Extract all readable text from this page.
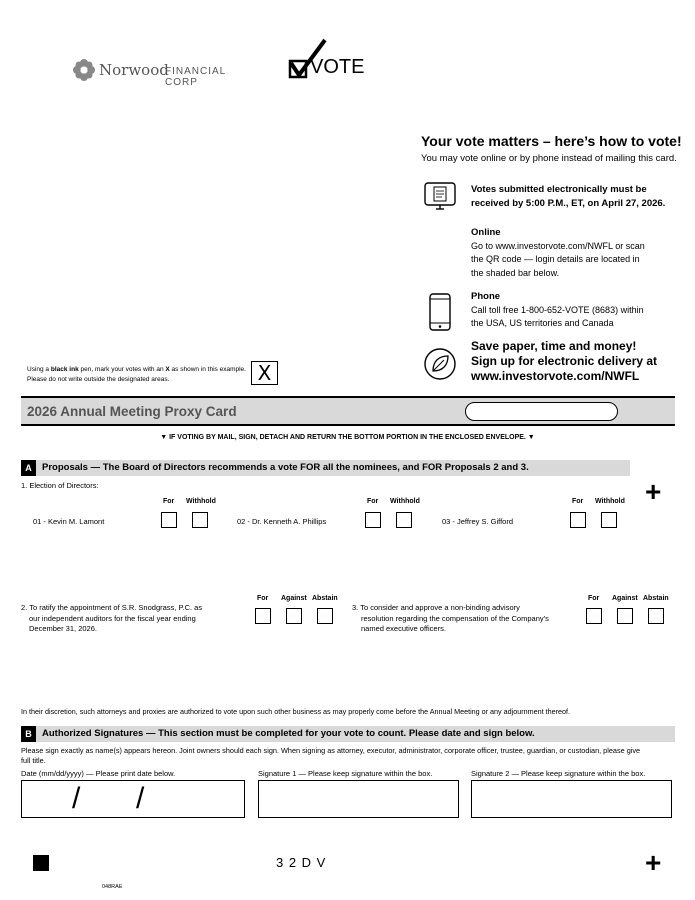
Norwood
FINANCIAL CORP
VOTE
Your vote matters – here’s how to vote!
You may vote online or by phone instead of mailing this card.
Votes submitted electronically must be
received by 5:00 P.M., ET, on April 27, 2026.
Online
Go to www.investorvote.com/NWFL or scan
the QR code — login details are located in
the shaded bar below.
Phone
Call toll free 1-800-652-VOTE (8683) within
the USA, US territories and Canada
Save paper, time and money!
Sign up for electronic delivery at
www.investorvote.com/NWFL
Using a black ink pen, mark your votes with an X as shown in this example.
Please do not write outside the designated areas.	X
2026 Annual Meeting Proxy Card
▼ IF VOTING BY MAIL, SIGN, DETACH AND RETURN THE BOTTOM PORTION IN THE ENCLOSED ENVELOPE. ▼
A	Proposals — The Board of Directors recommends a vote FOR all the nominees, and FOR Proposals 2 and 3.
+
1. Election of Directors:
For Withhold
01 - Kevin M. Lamont
For Withhold
02 - Dr. Kenneth A. Phillips
For Withhold
03 - Jeffrey S. Gifford
For Against Abstain
2. To ratify the appointment of S.R. Snodgrass, P.C. as
our independent auditors for the fiscal year ending
December 31, 2026.
For Against Abstain
3. To consider and approve a non-binding advisory
resolution regarding the compensation of the Company’s
named executive officers.
In their discretion, such attorneys and proxies are authorized to vote upon such other business as may properly come before the Annual Meeting or any adjournment thereof.
B	Authorized Signatures — This section must be completed for your vote to count. Please date and sign below.
Please sign exactly as name(s) appears hereon. Joint owners should each sign. When signing as attorney, executor, administrator, corporate officer, trustee, guardian, or custodian, please give
full title.
Date (mm/dd/yyyy) — Please print date below.	Signature 1 — Please keep signature within the box.	Signature 2 — Please keep signature within the box.
/ /
3 2 D V	+
048RAE
